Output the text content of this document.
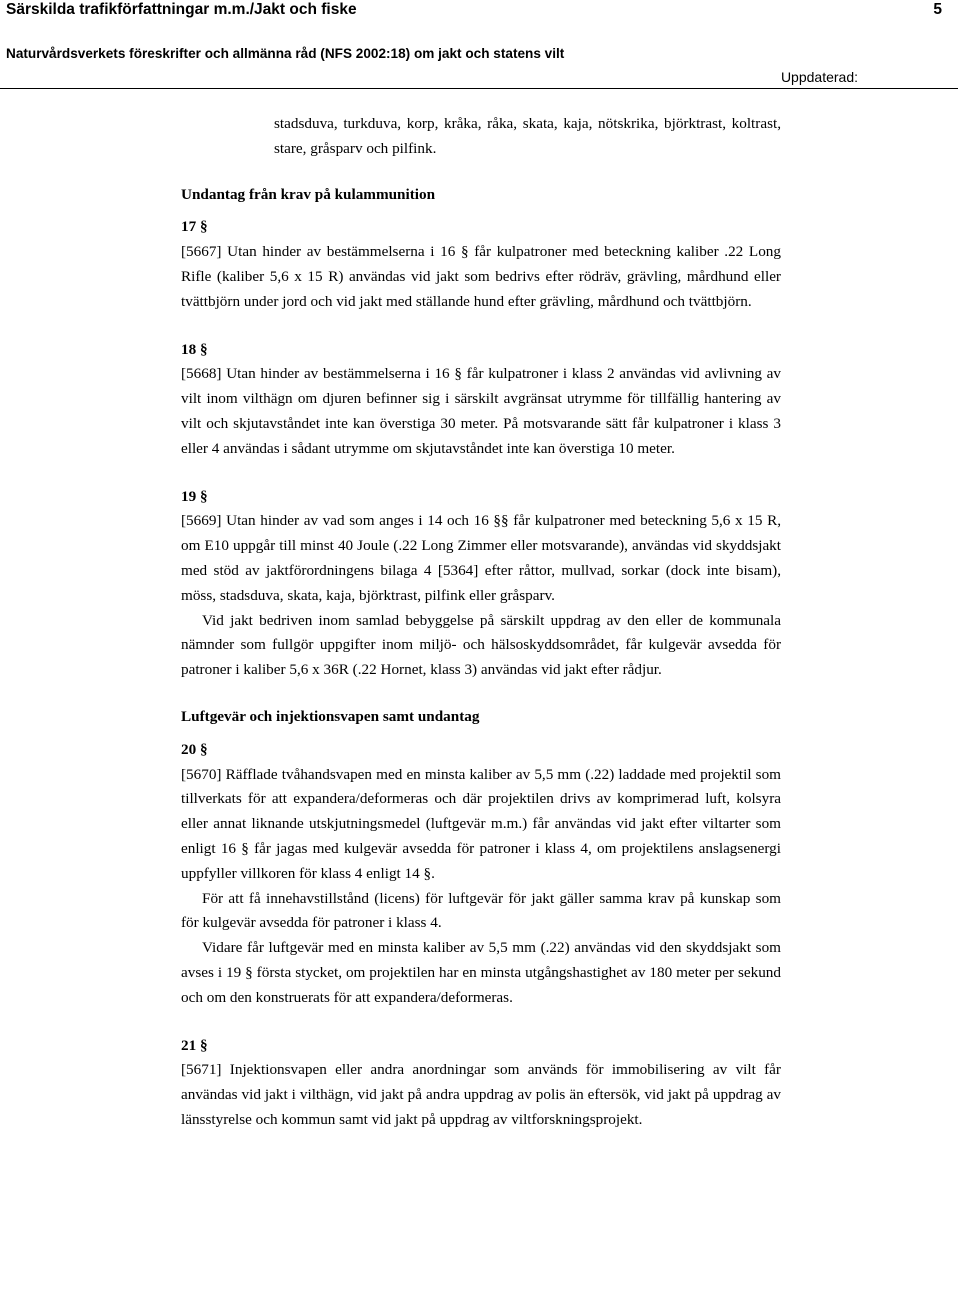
Särskilda trafikförfattningar m.m./Jakt och fiske	5
Naturvårdsverkets föreskrifter och allmänna råd (NFS 2002:18) om jakt och statens vilt
Uppdaterad:

stadsduva, turkduva, korp, kråka, råka, skata, kaja, nötskrika, björktrast, koltrast, stare, gråsparv och pilfink.

Undantag från krav på kulammunition

17 §

[5667] Utan hinder av bestämmelserna i 16 § får kulpatroner med beteckning kaliber .22 Long Rifle (kaliber 5,6 x 15 R) användas vid jakt som bedrivs efter rödräv, grävling, mårdhund eller tvättbjörn under jord och vid jakt med ställande hund efter grävling, mårdhund och tvättbjörn.

18 §

[5668] Utan hinder av bestämmelserna i 16 § får kulpatroner i klass 2 användas vid avlivning av vilt inom vilthägn om djuren befinner sig i särskilt avgränsat utrymme för tillfällig hantering av vilt och skjutavståndet inte kan överstiga 30 meter. På motsvarande sätt får kulpatroner i klass 3 eller 4 användas i sådant utrymme om skjutavståndet inte kan överstiga 10 meter.

19 §

[5669] Utan hinder av vad som anges i 14 och 16 §§ får kulpatroner med beteckning 5,6 x 15 R, om E10 uppgår till minst 40 Joule (.22 Long Zimmer eller motsvarande), användas vid skyddsjakt med stöd av jaktförordningens bilaga 4 [5364] efter råttor, mullvad, sorkar (dock inte bisam), möss, stadsduva, skata, kaja, björktrast, pilfink eller gråsparv.

Vid jakt bedriven inom samlad bebyggelse på särskilt uppdrag av den eller de kommunala nämnder som fullgör uppgifter inom miljö- och hälsoskyddsområdet, får kulgevär avsedda för patroner i kaliber 5,6 x 36R (.22 Hornet, klass 3) användas vid jakt efter rådjur.

Luftgevär och injektionsvapen samt undantag

20 §

[5670] Räfflade tvåhandsvapen med en minsta kaliber av 5,5 mm (.22) laddade med projektil som tillverkats för att expandera/deformeras och där projektilen drivs av komprimerad luft, kolsyra eller annat liknande utskjutningsmedel (luftgevär m.m.) får användas vid jakt efter viltarter som enligt 16 § får jagas med kulgevär avsedda för patroner i klass 4, om projektilens anslagsenergi uppfyller villkoren för klass 4 enligt 14 §.

För att få innehavstillstånd (licens) för luftgevär för jakt gäller samma krav på kunskap som för kulgevär avsedda för patroner i klass 4.

Vidare får luftgevär med en minsta kaliber av 5,5 mm (.22) användas vid den skyddsjakt som avses i 19 § första stycket, om projektilen har en minsta utgångshastighet av 180 meter per sekund och om den konstruerats för att expandera/deformeras.

21 §

[5671] Injektionsvapen eller andra anordningar som används för immobilisering av vilt får användas vid jakt i vilthägn, vid jakt på andra uppdrag av polis än eftersök, vid jakt på uppdrag av länsstyrelse och kommun samt vid jakt på uppdrag av viltforskningsprojekt.
